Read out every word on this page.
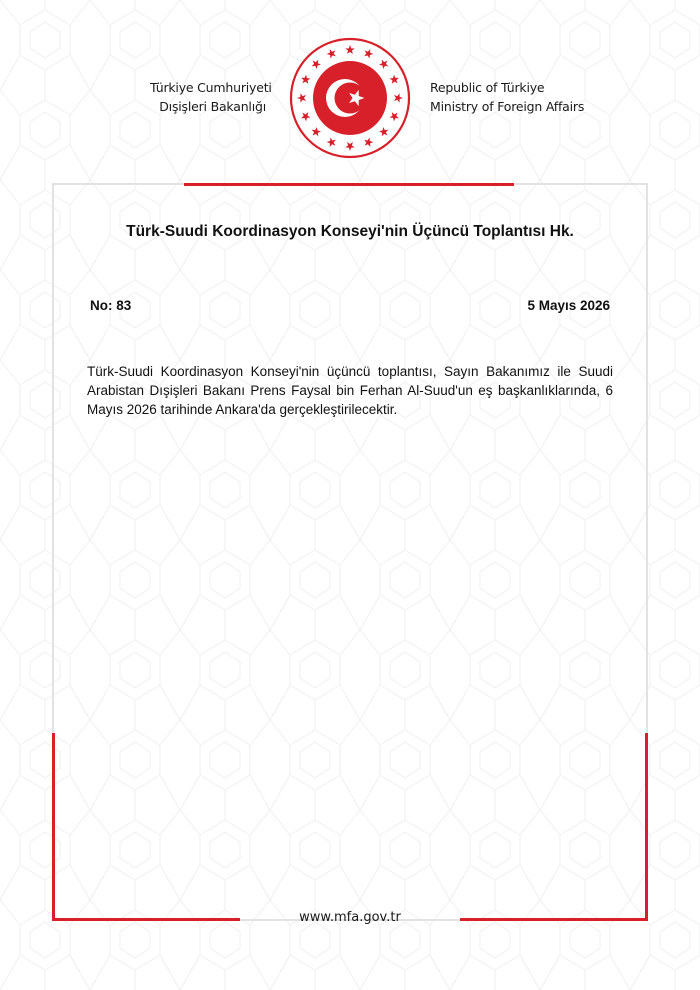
Türkiye Cumhuriyeti
Dışişleri Bakanlığı
Republic of Türkiye
Ministry of Foreign Affairs
Türk-Suudi Koordinasyon Konseyi'nin Üçüncü Toplantısı Hk.
No: 83	5 Mayıs 2026
Türk-Suudi Koordinasyon Konseyi'nin üçüncü toplantısı, Sayın Bakanımız ile Suudi Arabistan Dışişleri Bakanı Prens Faysal bin Ferhan Al-Suud'un eş başkanlıklarında, 6 Mayıs 2026 tarihinde Ankara'da gerçekleştirilecektir.
www.mfa.gov.tr
